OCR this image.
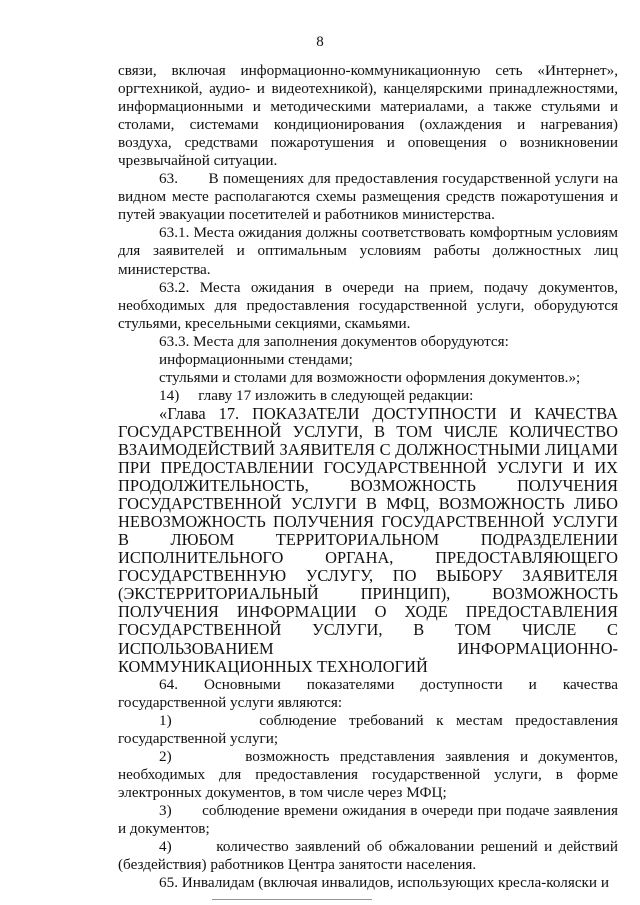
8

связи, включая информационно-коммуникационную сеть «Интернет», оргтехникой, аудио- и видеотехникой), канцелярскими принадлежностями, информационными и методическими материалами, а также стульями и столами, системами кондиционирования (охлаждения и нагревания) воздуха, средствами пожаротушения и оповещения о возникновении чрезвычайной ситуации.

63.       В помещениях для предоставления государственной услуги на видном месте располагаются схемы размещения средств пожаротушения и путей эвакуации посетителей и работников министерства.

63.1. Места ожидания должны соответствовать комфортным условиям для заявителей и оптимальным условиям работы должностных лиц министерства.

63.2. Места ожидания в очереди на прием, подачу документов, необходимых для предоставления государственной услуги, оборудуются стульями, кресельными секциями, скамьями.

63.3. Места для заполнения документов оборудуются:

информационными стендами;

стульями и столами для возможности оформления документов.»;

14)     главу 17 изложить в следующей редакции:

«Глава 17. ПОКАЗАТЕЛИ ДОСТУПНОСТИ И КАЧЕСТВА ГОСУДАРСТВЕННОЙ УСЛУГИ, В ТОМ ЧИСЛЕ КОЛИЧЕСТВО ВЗАИМОДЕЙСТВИЙ ЗАЯВИТЕЛЯ С ДОЛЖНОСТНЫМИ ЛИЦАМИ ПРИ ПРЕДОСТАВЛЕНИИ ГОСУДАРСТВЕННОЙ УСЛУГИ И ИХ ПРОДОЛЖИТЕЛЬНОСТЬ, ВОЗМОЖНОСТЬ ПОЛУЧЕНИЯ ГОСУДАРСТВЕННОЙ УСЛУГИ В МФЦ, ВОЗМОЖНОСТЬ ЛИБО НЕВОЗМОЖНОСТЬ ПОЛУЧЕНИЯ ГОСУДАРСТВЕННОЙ УСЛУГИ В ЛЮБОМ ТЕРРИТОРИАЛЬНОМ ПОДРАЗДЕЛЕНИИ ИСПОЛНИТЕЛЬНОГО ОРГАНА, ПРЕДОСТАВЛЯЮЩЕГО ГОСУДАРСТВЕННУЮ УСЛУГУ, ПО ВЫБОРУ ЗАЯВИТЕЛЯ (ЭКСТЕРРИТОРИАЛЬНЫЙ ПРИНЦИП), ВОЗМОЖНОСТЬ ПОЛУЧЕНИЯ ИНФОРМАЦИИ О ХОДЕ ПРЕДОСТАВЛЕНИЯ ГОСУДАРСТВЕННОЙ УСЛУГИ, В ТОМ ЧИСЛЕ С ИСПОЛЬЗОВАНИЕМ ИНФОРМАЦИОННО-КОММУНИКАЦИОННЫХ ТЕХНОЛОГИЙ

64. Основными показателями доступности и качества государственной услуги являются:

1)       соблюдение требований к местам предоставления государственной услуги;

2)       возможность представления заявления и документов, необходимых для предоставления государственной услуги, в форме электронных документов, в том числе через МФЦ;

3)       соблюдение времени ожидания в очереди при подаче заявления и документов;

4)       количество заявлений об обжаловании решений и действий (бездействия) работников Центра занятости населения.

65. Инвалидам (включая инвалидов, использующих кресла-коляски и
